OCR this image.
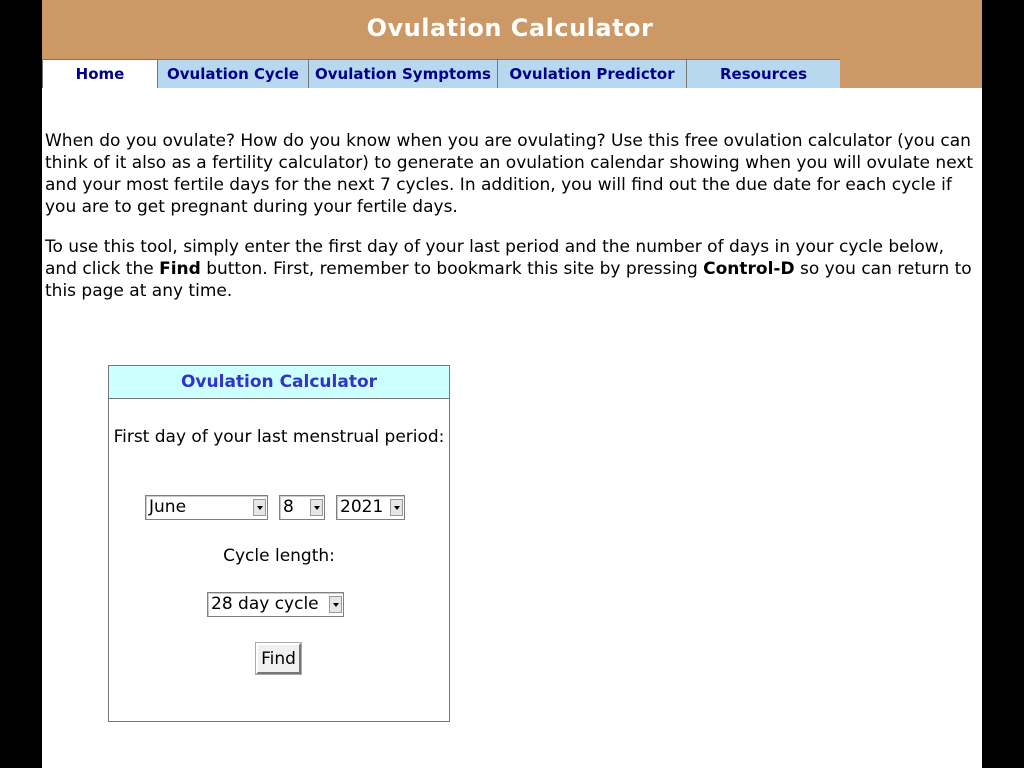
Ovulation Calculator
Home	Ovulation Cycle	Ovulation Symptoms	Ovulation Predictor	Resources

When do you ovulate? How do you know when you are ovulating? Use this free ovulation calculator (you can think of it also as a fertility calculator) to generate an ovulation calendar showing when you will ovulate next and your most fertile days for the next 7 cycles. In addition, you will find out the due date for each cycle if you are to get pregnant during your fertile days.

To use this tool, simply enter the first day of your last period and the number of days in your cycle below, and click the Find button. First, remember to bookmark this site by pressing Control-D so you can return to this page at any time.

Ovulation Calculator
First day of your last menstrual period:
June	8	2021
Cycle length:
28 day cycle
Find
